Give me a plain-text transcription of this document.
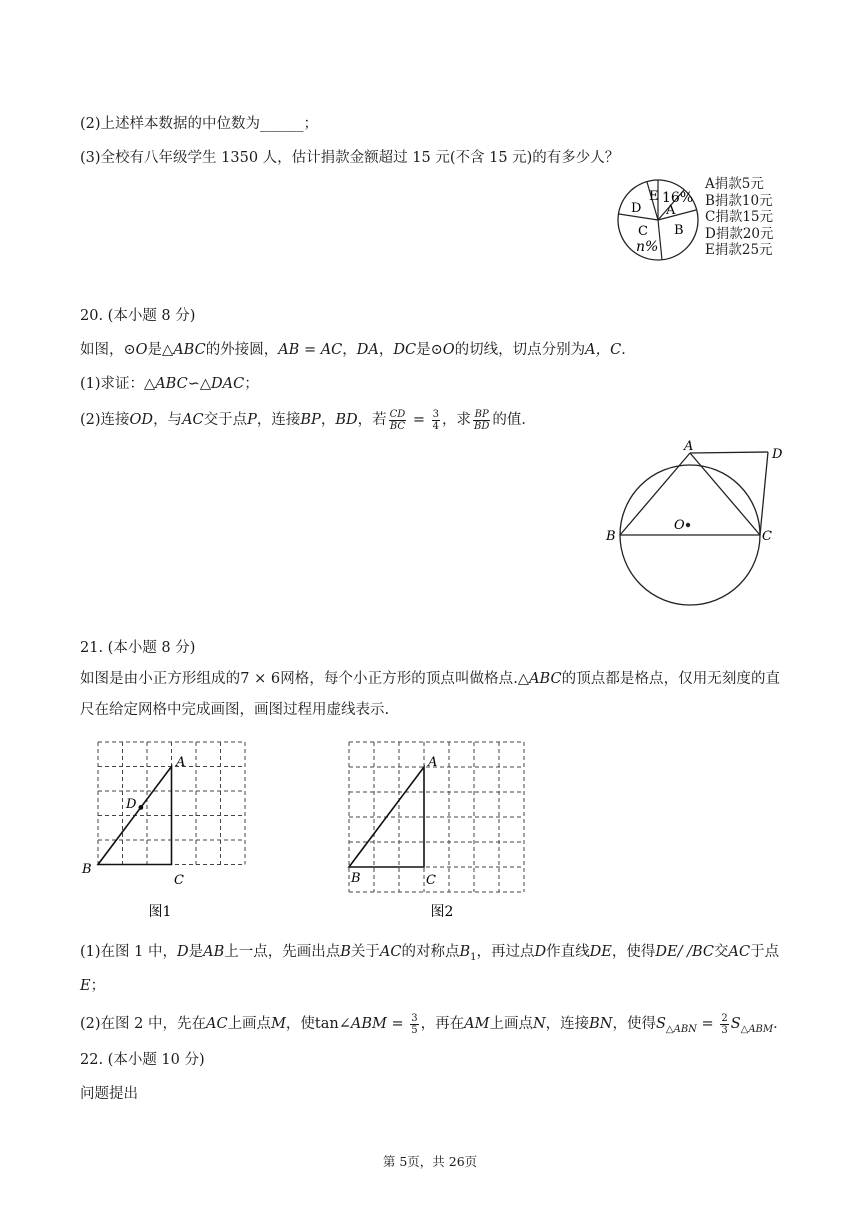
(2)上述样本数据的中位数为______；
(3)全校有八年级学生 1350 人，估计捐款金额超过 15 元(不含 15 元)的有多少人？
E 16%
A
B
D
C
n%
A捐款5元
B捐款10元
C捐款15元
D捐款20元
E捐款25元
20. (本小题 8 分)
如图，⊙O是△ABC的外接圆，AB = AC，DA，DC是⊙O的切线，切点分别为A，C．
(1)求证：△ABC∽△DAC；
(2)连接OD，与AC交于点P，连接BP，BD，若 $\frac{CD}{BC} = \frac{3}{4}$ ，求 $\frac{BP}{BD}$ 的值．
A
D
B	C
O
21. (本小题 8 分)
如图是由小正方形组成的7 × 6网格，每个小正方形的顶点叫做格点.△ABC的顶点都是格点，仅用无刻度的直尺在给定网格中完成画图，画图过程用虚线表示.
A
D
B
C
图1
A
B	C
图2
(1)在图 1 中，D是AB上一点，先画出点B关于AC的对称点$B_1$，再过点D作直线DE，使得DE/ /BC交AC于点
E；
(2)在图 2 中，先在AC上画点M，使tan∠ABM = $\frac{3}{5}$ ，再在AM上画点N，连接BN，使得$S_{\triangle ABN} = \frac{2}{3} S_{\triangle ABM}$．
22. (本小题 10 分)
问题提出
第 5页，共 26页
